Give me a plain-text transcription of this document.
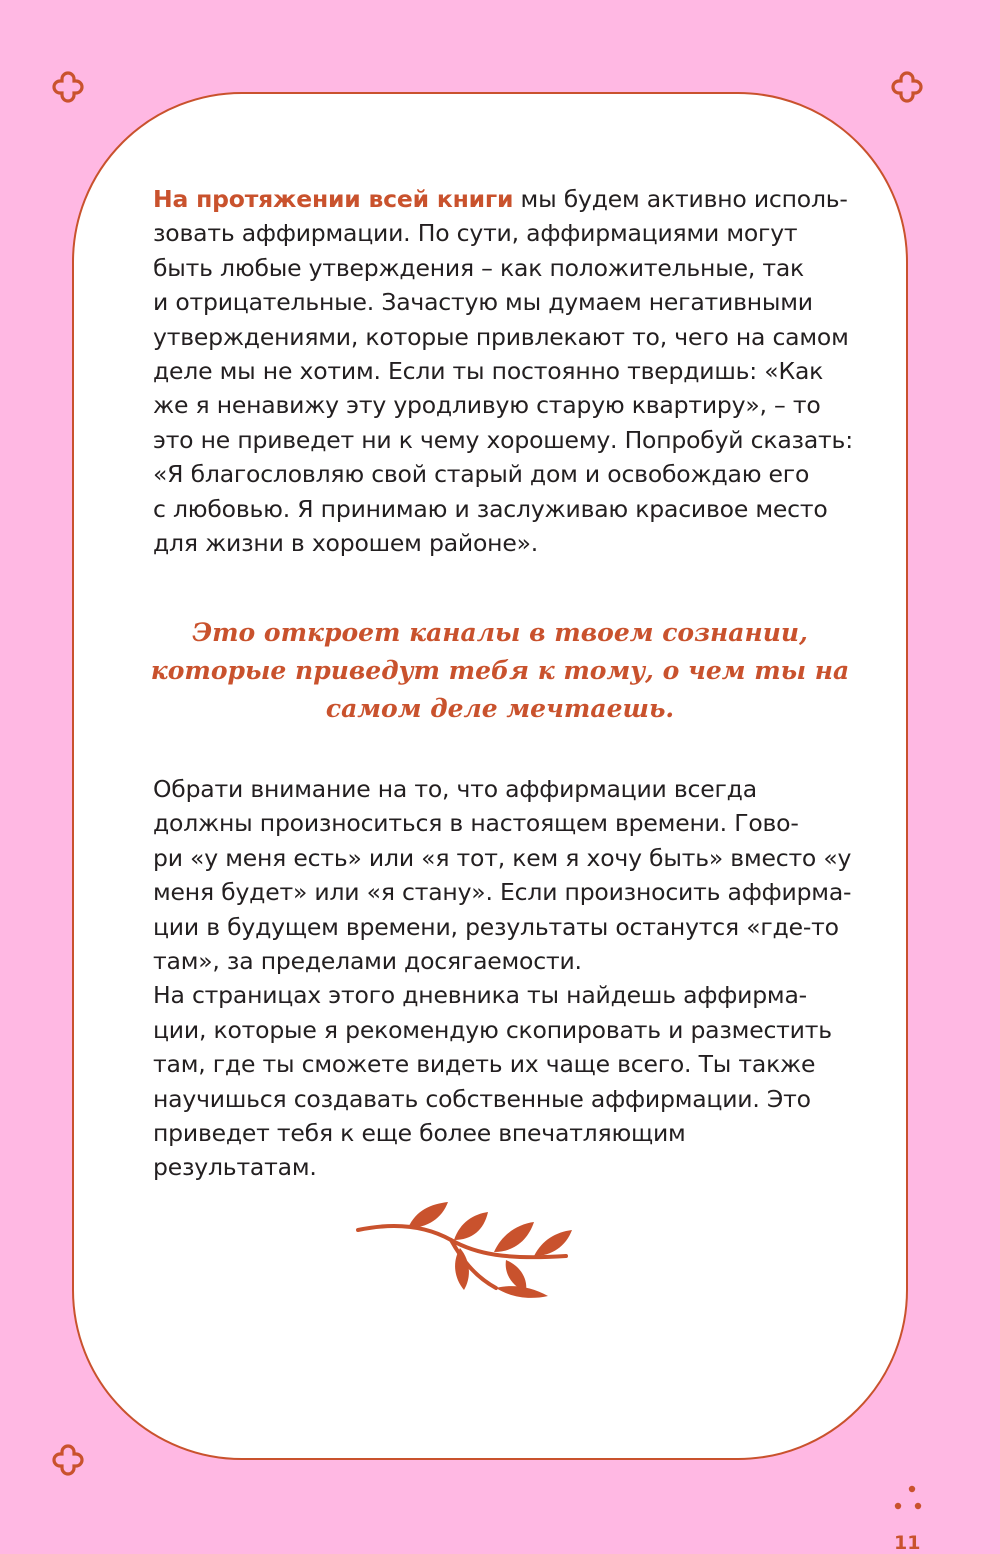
На протяжении всей книги мы будем активно исполь-
зовать аффирмации. По сути, аффирмациями могут
быть любые утверждения – как положительные, так
и отрицательные. Зачастую мы думаем негативными
утверждениями, которые привлекают то, чего на самом
деле мы не хотим. Если ты постоянно твердишь: «Как
же я ненавижу эту уродливую старую квартиру», – то
это не приведет ни к чему хорошему. Попробуй сказать:
«Я благословляю свой старый дом и освобождаю его
с любовью. Я принимаю и заслуживаю красивое место
для жизни в хорошем районе».

Это откроет каналы в твоем сознании,
которые приведут тебя к тому, о чем ты на
самом деле мечтаешь.

Обрати внимание на то, что аффирмации всегда
должны произноситься в настоящем времени. Гово-
ри «у меня есть» или «я тот, кем я хочу быть» вместо «у
меня будет» или «я стану». Если произносить аффирма-
ции в будущем времени, результаты останутся «где-то
там», за пределами досягаемости.
На страницах этого дневника ты найдешь аффирма-
ции, которые я рекомендую скопировать и разместить
там, где ты сможете видеть их чаще всего. Ты также
научишься создавать собственные аффирмации. Это
приведет тебя к еще более впечатляющим результатам.

11
